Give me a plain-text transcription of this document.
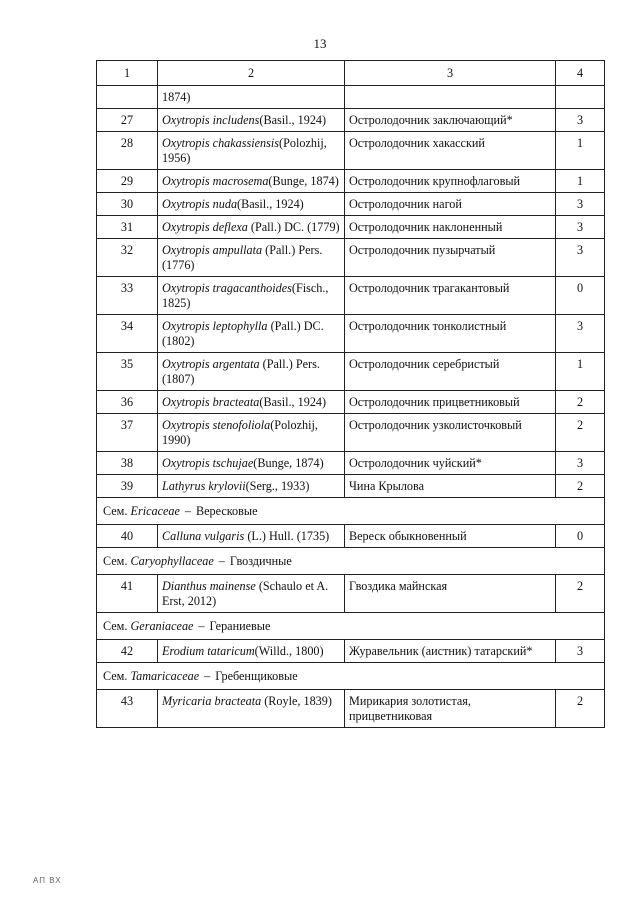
13
1	2	3	4
	1874)		
27	Oxytropis includens(Basil., 1924)	Остролодочник заключающий*	3
28	Oxytropis chakassiensis(Polozhij, 1956)	Остролодочник хакасский	1
29	Oxytropis macrosema(Bunge, 1874)	Остролодочник крупнофлаговый	1
30	Oxytropis nuda(Basil., 1924)	Остролодочник нагой	3
31	Oxytropis deflexa (Pall.) DC. (1779)	Остролодочник наклоненный	3
32	Oxytropis ampullata (Pall.) Pers. (1776)	Остролодочник пузырчатый	3
33	Oxytropis tragacanthoides(Fisch., 1825)	Остролодочник трагакантовый	0
34	Oxytropis leptophylla (Pall.) DC. (1802)	Остролодочник тонколистный	3
35	Oxytropis argentata (Pall.) Pers. (1807)	Остролодочник серебристый	1
36	Oxytropis bracteata(Basil., 1924)	Остролодочник прицветниковый	2
37	Oxytropis stenofoliola(Polozhij, 1990)	Остролодочник узколисточковый	2
38	Oxytropis tschujae(Bunge, 1874)	Остролодочник чуйский*	3
39	Lathyrus krylovii(Serg., 1933)	Чина Крылова	2
Сем. Ericaceae – Вересковые			
40	Calluna vulgaris (L.) Hull. (1735)	Вереск обыкновенный	0
Сем. Caryophyllaceae – Гвоздичные			
41	Dianthus mainense (Schaulo et A. Erst, 2012)	Гвоздика майнская	2
Сем. Geraniaceae – Гераниевые			
42	Erodium tataricum(Willd., 1800)	Журавельник (аистник) татарский*	3
Сем. Tamaricaceae – Гребенщиковые			
43	Myricaria bracteata (Royle, 1839)	Мирикария золотистая, прицветниковая	2
АП ВХ
